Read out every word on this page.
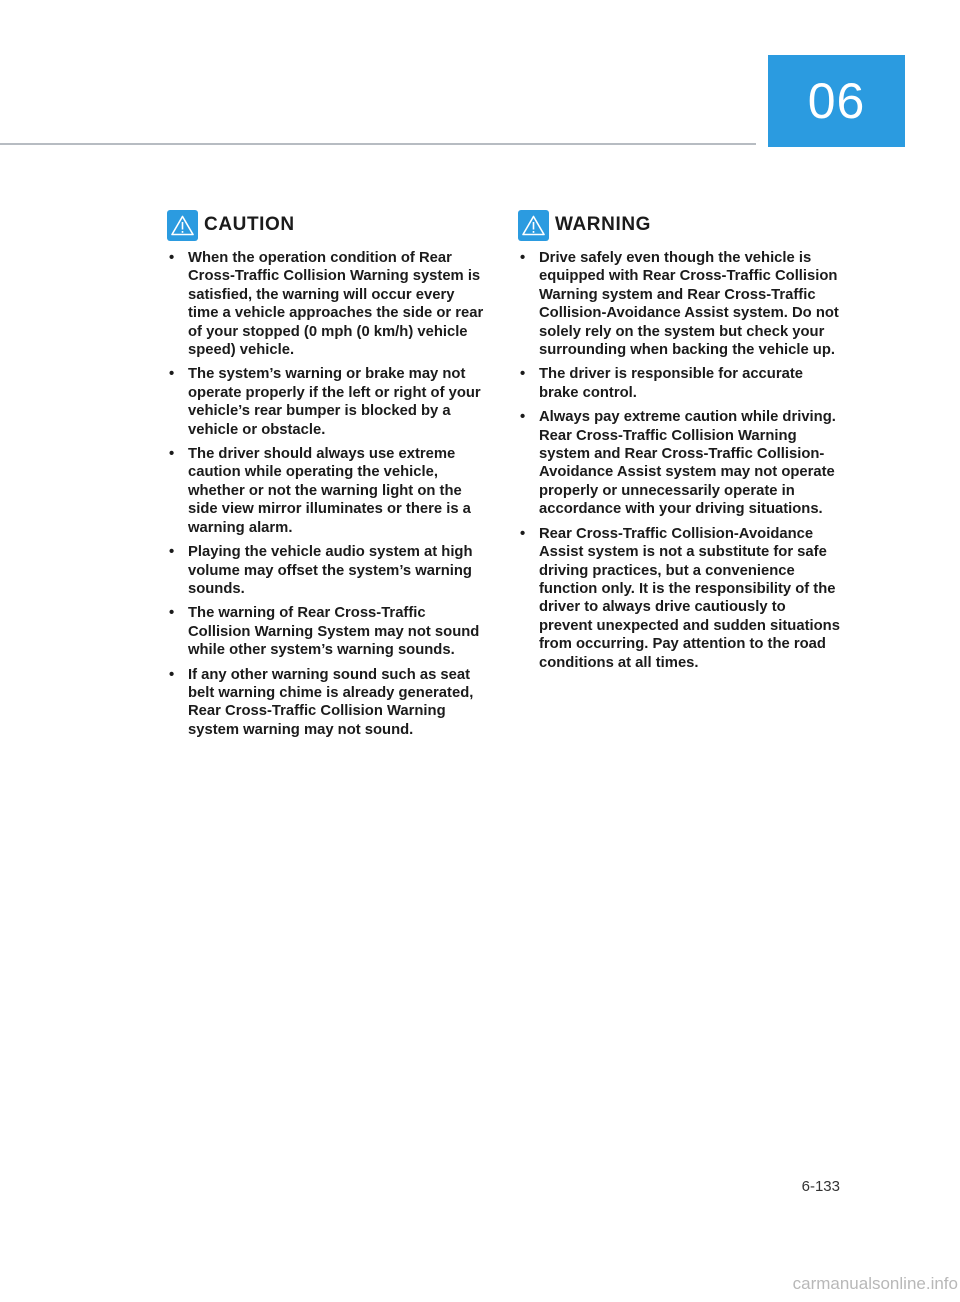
06
CAUTION
• When the operation condition of Rear Cross-Traffic Collision Warning system is satisfied, the warning will occur every time a vehicle approaches the side or rear of your stopped (0 mph (0 km/h) vehicle speed) vehicle.
• The system’s warning or brake may not operate properly if the left or right of your vehicle’s rear bumper is blocked by a vehicle or obstacle.
• The driver should always use extreme caution while operating the vehicle, whether or not the warning light on the side view mirror illuminates or there is a warning alarm.
• Playing the vehicle audio system at high volume may offset the system’s warning sounds.
• The warning of Rear Cross-Traffic Collision Warning System may not sound while other system’s warning sounds.
• If any other warning sound such as seat belt warning chime is already generated, Rear Cross-Traffic Collision Warning system warning may not sound.
WARNING
• Drive safely even though the vehicle is equipped with Rear Cross-Traffic Collision Warning system and Rear Cross-Traffic Collision-Avoidance Assist system. Do not solely rely on the system but check your surrounding when backing the vehicle up.
• The driver is responsible for accurate brake control.
• Always pay extreme caution while driving. Rear Cross-Traffic Collision Warning system and Rear Cross-Traffic Collision-Avoidance Assist system may not operate properly or unnecessarily operate in accordance with your driving situations.
• Rear Cross-Traffic Collision-Avoidance Assist system is not a substitute for safe driving practices, but a convenience function only. It is the responsibility of the driver to always drive cautiously to prevent unexpected and sudden situations from occurring. Pay attention to the road conditions at all times.
6-133
carmanualsonline.info
